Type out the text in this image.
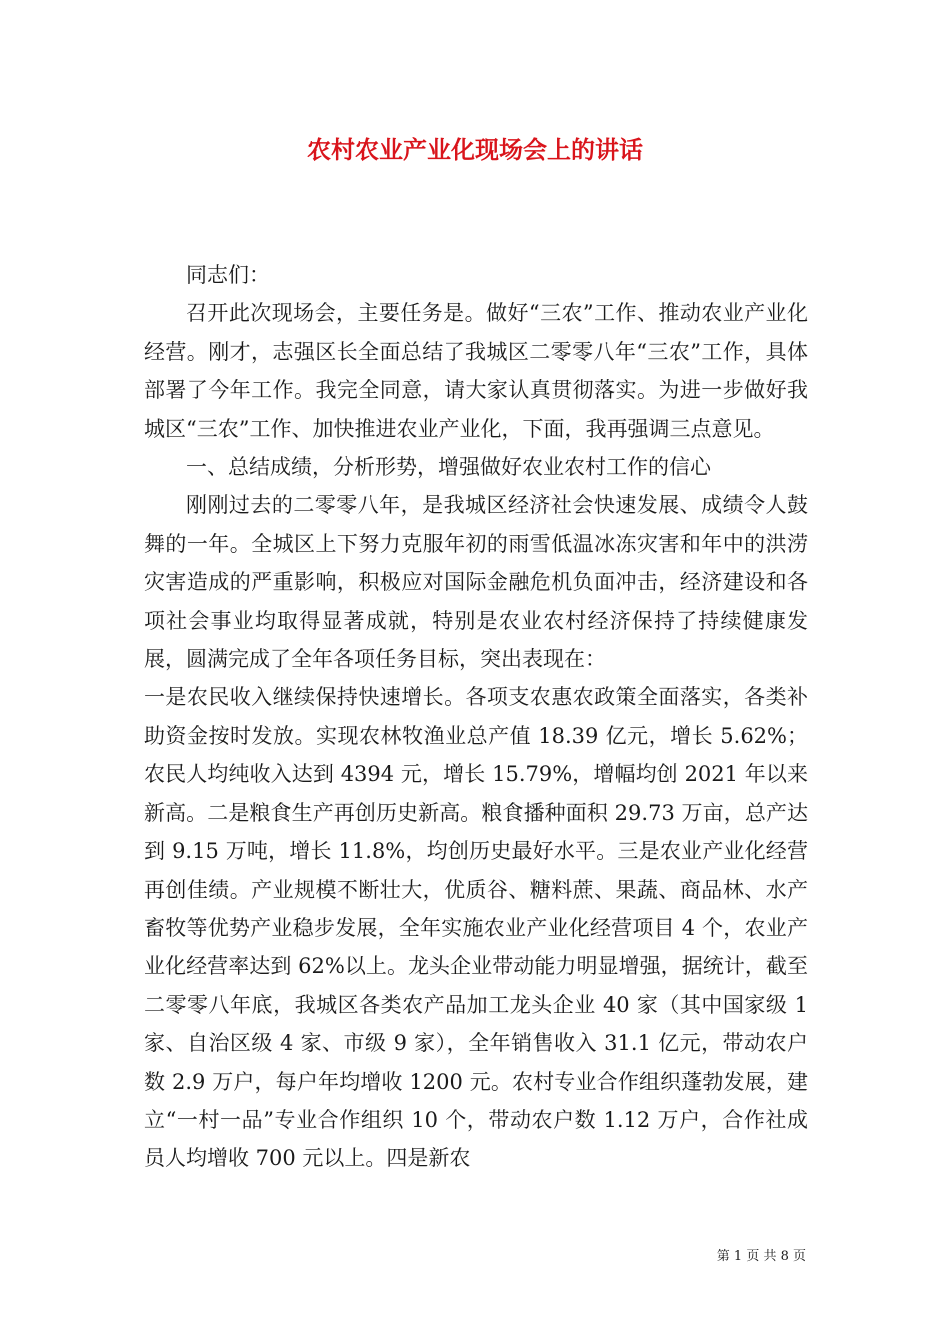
农村农业产业化现场会上的讲话

同志们：

召开此次现场会，主要任务是。做好“三农”工作、推动农业产业化经营。刚才，志强区长全面总结了我城区二零零八年“三农”工作，具体部署了今年工作。我完全同意，请大家认真贯彻落实。为进一步做好我城区“三农”工作、加快推进农业产业化，下面，我再强调三点意见。

一、总结成绩，分析形势，增强做好农业农村工作的信心

刚刚过去的二零零八年，是我城区经济社会快速发展、成绩令人鼓舞的一年。全城区上下努力克服年初的雨雪低温冰冻灾害和年中的洪涝灾害造成的严重影响，积极应对国际金融危机负面冲击，经济建设和各项社会事业均取得显著成就，特别是农业农村经济保持了持续健康发展，圆满完成了全年各项任务目标，突出表现在：

一是农民收入继续保持快速增长。各项支农惠农政策全面落实，各类补助资金按时发放。实现农林牧渔业总产值 18.39 亿元，增长 5.62%；农民人均纯收入达到 4394 元，增长 15.79%，增幅均创 2021 年以来新高。二是粮食生产再创历史新高。粮食播种面积 29.73 万亩，总产达到 9.15 万吨，增长 11.8%，均创历史最好水平。三是农业产业化经营再创佳绩。产业规模不断壮大，优质谷、糖料蔗、果蔬、商品林、水产畜牧等优势产业稳步发展，全年实施农业产业化经营项目 4 个，农业产业化经营率达到 62%以上。龙头企业带动能力明显增强，据统计，截至二零零八年底，我城区各类农产品加工龙头企业 40 家（其中国家级 1 家、自治区级 4 家、市级 9 家），全年销售收入 31.1 亿元，带动农户数 2.9 万户，每户年均增收 1200 元。农村专业合作组织蓬勃发展，建立“一村一品”专业合作组织 10 个，带动农户数 1.12 万户，合作社成员人均增收 700 元以上。四是新农

第 1 页 共 8 页
